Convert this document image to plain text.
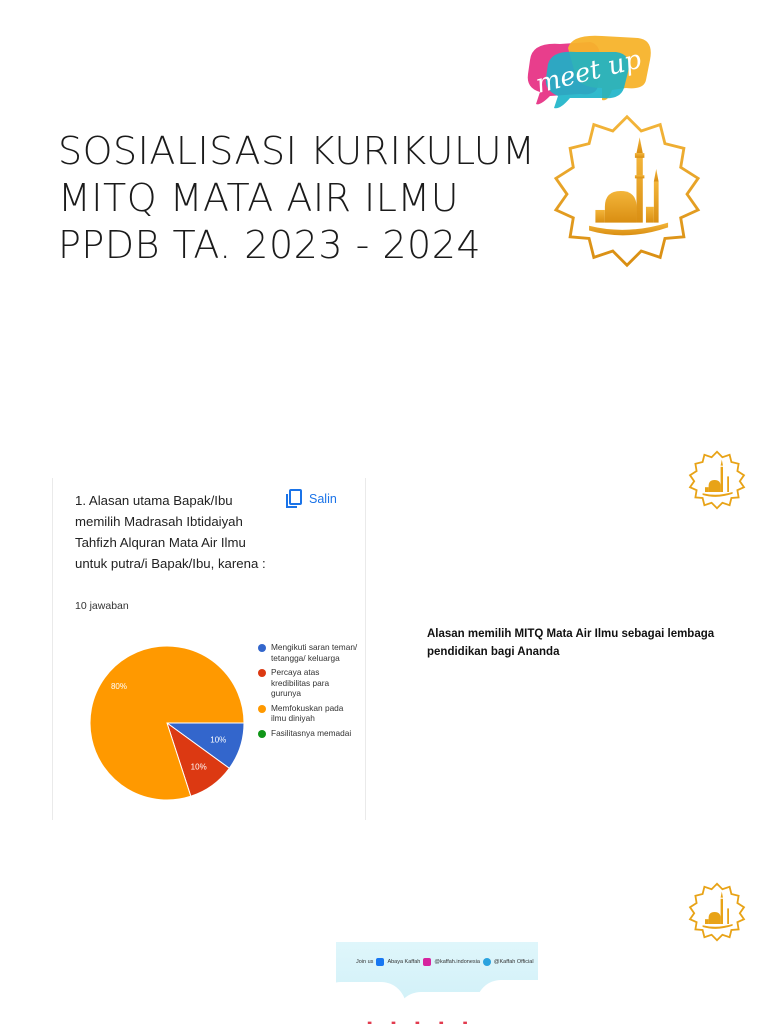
meet up
SOSIALISASI KURIKULUM
MITQ MATA AIR ILMU
PPDB TA. 2023 - 2024
1. Alasan utama Bapak/Ibu memilih Madrasah Ibtidaiyah Tahfizh Alquran Mata Air Ilmu untuk putra/i Bapak/Ibu, karena :
Salin
10 jawaban
10%
10%
80%
Mengikuti saran teman/ tetangga/ keluarga
Percaya atas kredibilitas para gurunya
Memfokuskan pada ilmu diniyah
Fasilitasnya memadai
Alasan memilih MITQ Mata Air Ilmu sebagai lembaga pendidikan bagi Ananda
Join us	Abaya Kaffah	@kaffah.indonesia	@Kaffah Official
· · · · ·
